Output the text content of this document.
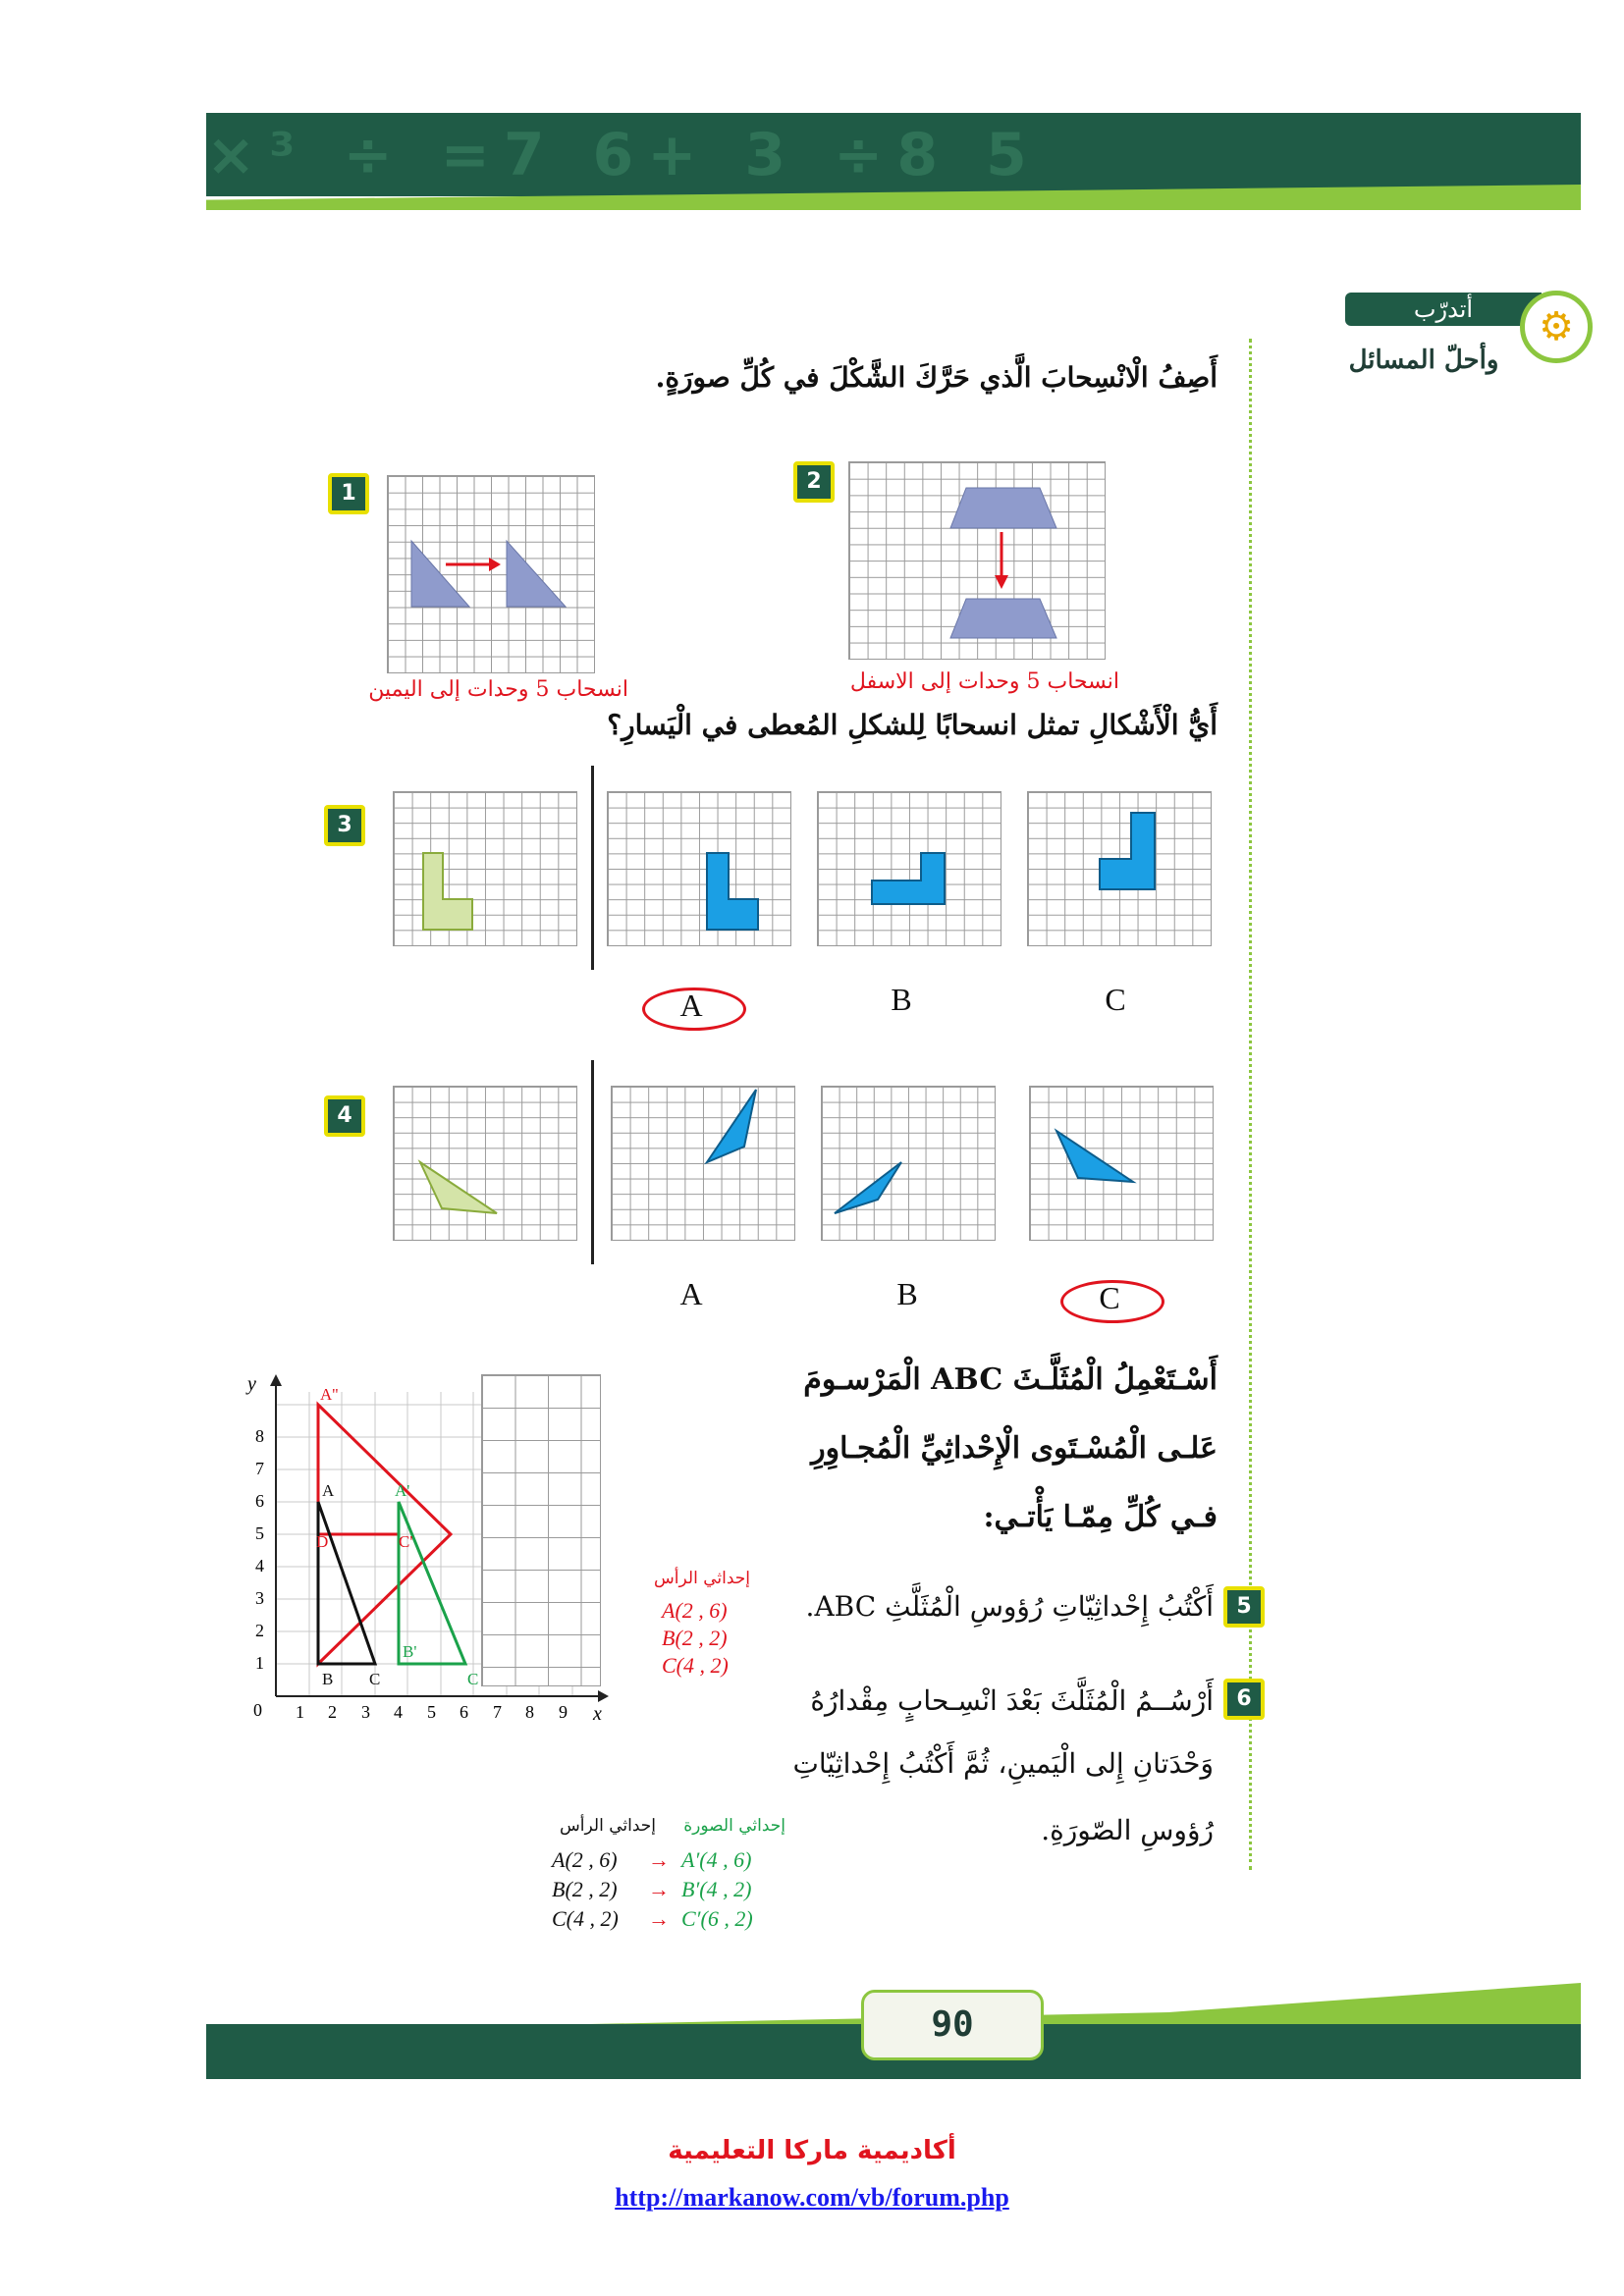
×³ ÷ =7 6+ 3 ÷8 5
أتدرّب
وأحلّ المسائل
⚙
أَصِفُ الْانْسِحابَ الَّذي حَرَّكَ الشَّكْلَ في كُلِّ صورَةٍ.
1
انسحاب 5 وحدات إلى اليمين
2
انسحاب 5 وحدات إلى الاسفل
أَيُّ الْأَشْكالِ تمثل انسحابًا لِلشكلِ المُعطى في الْيَسارِ؟
3
A	B	C
4
A	B	C
0
y
x
1 2 3 4 5 6 7 8 9
1
2
3
4
5
6
7
8
A''
A
B C
A'
B'
C
D	C'
إحداثي الرأس
A(2 , 6)
B(2 , 2)
C(4 , 2)
أَسْـتَعْمِلُ الْمُثَلَّـثَ ABC الْمَرْسـومَ
عَلـى الْمُسْـتَوى الْإِحْداثِيِّ الْمُجـاوِرِ
فـي كُلِّ مِمّـا يَأْتـي:
5
أَكْتُبُ إِحْداثِيّاتِ رُؤوسِ الْمُثَلَّثِ ABC.
6
أَرْسُــمُ الْمُثَلَّثَ بَعْدَ انْسِـحابٍ مِقْدارُهُ
وَحْدَتانِ إِلى الْيَمينِ، ثُمَّ أَكْتُبُ إِحْداثِيّاتِ
رُؤوسِ الصّورَةِ.
إحداثي الرأس	إحداثي الصورة
A(2 , 6) → A′(4 , 6)
B(2 , 2) → B′(4 , 2)
C(4 , 2) → C′(6 , 2)
90
أكاديمية ماركا التعليمية
http://markanow.com/vb/forum.php
